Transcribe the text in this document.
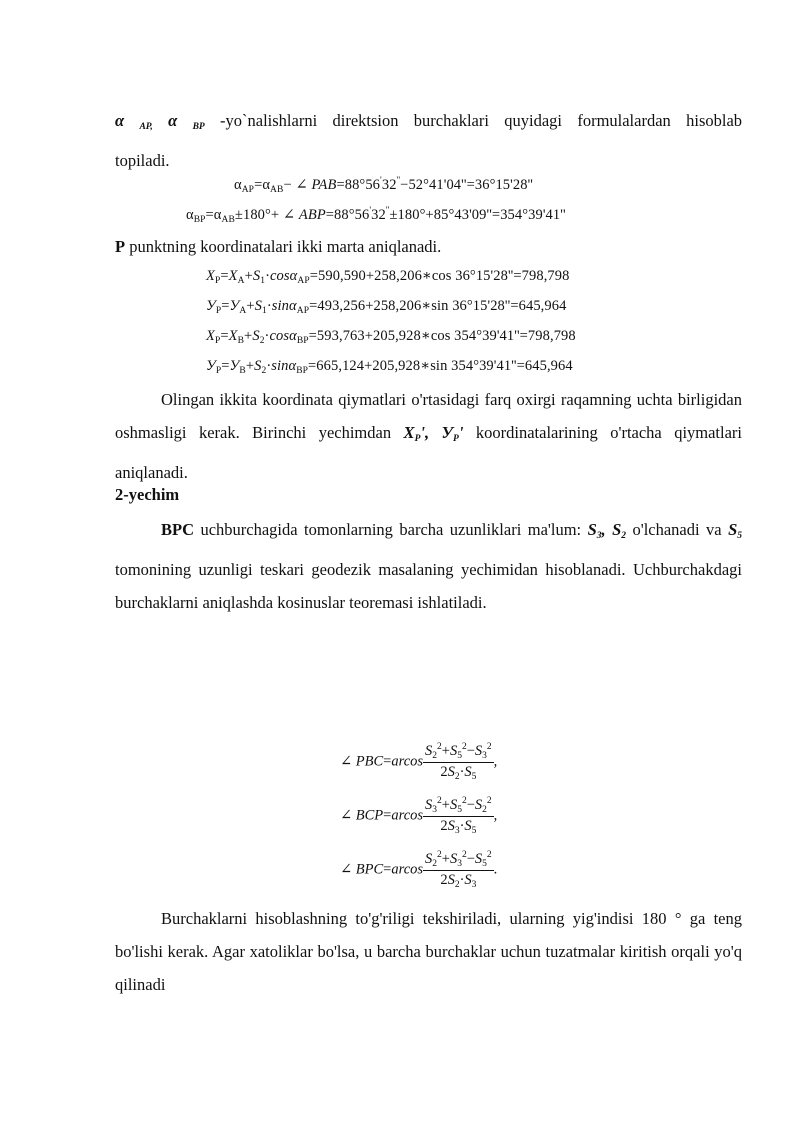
α $_{AP,}$ α $_{BP}$ -yo`nalishlarni direktsion burchaklari quyidagi formulalardan hisoblab
topiladi.
$\alpha_{AP}=\alpha_{AB}-$ ∠ PAB=88°56'32''−52°41'04''=36°15'28''
$\alpha_{BP}=\alpha_{AB}\pm 180^\circ+$ ∠ ABP=88°56'32''±180°+85°43'09''=354°39'41''
P punktning koordinatalari ikki marta aniqlanadi.
$X_P=X_A+S_1\cdot\cos\alpha_{AP}=590,590+258,206∗\cos$ 36°15'28''=798,798
$У_P=У_A+S_1\cdot\sin\alpha_{AP}=493,256+258,206∗\sin$ 36°15'28''=645,964
$X_P=X_B+S_2\cdot\cos\alpha_{BP}=593,763+205,928∗\cos$ 354°39'41''=798,798
$У_P=У_B+S_2\cdot\sin\alpha_{BP}=665,124+205,928∗\sin$ 354°39'41''=645,964
Olingan ikkita koordinata qiymatlari o'rtasidagi farq oxirgi raqamning uchta birligidan oshmasligi kerak. Birinchi yechimdan $X_P'$, $У_P'$ koordinatalarining o'rtacha qiymatlari aniqlanadi.
2-yechim
BPC uchburchagida tomonlarning barcha uzunliklari ma'lum: $S_3$, $S_2$ o'lchanadi va $S_5$ tomonining uzunligi teskari geodezik masalaning yechimidan hisoblanadi. Uchburchakdagi burchaklarni aniqlashda kosinuslar teoremasi ishlatiladi.
∠ $PBC=arcos \frac{S_2^2+S_5^2-S_3^2}{2S_2\cdot S_5}$ ,
∠ $BCP=arcos \frac{S_3^2+S_5^2-S_2^2}{2S_3\cdot S_5}$ ,
∠ $BPC=arcos \frac{S_2^2+S_3^2-S_5^2}{2S_2\cdot S_3}$ .
Burchaklarni hisoblashning to'g'riligi tekshiriladi, ularning yig'indisi 180 ° ga teng bo'lishi kerak. Agar xatoliklar bo'lsa, u barcha burchaklar uchun tuzatmalar kiritish orqali yo'q qilinadi
